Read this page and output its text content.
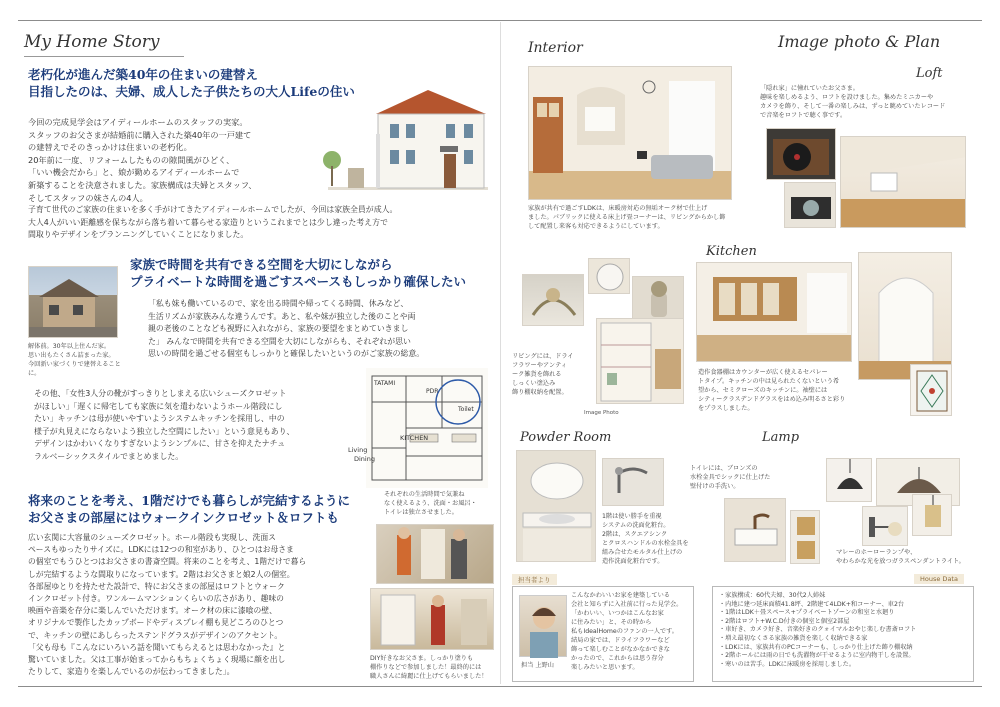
My Home Story
老朽化が進んだ築40年の住まいの建替え
目指したのは、夫婦、成人した子供たちの大人Lifeの住い
今回の完成見学会はアイディールホームのスタッフの実家。
スタッフのお父さまが結婚前に購入された築40年の一戸建て
の建替えでそのきっかけは住まいの老朽化。
20年前に一度、リフォームしたものの隙間風がひどく、
「いい機会だから」と、娘が勤めるアイディールホームで
新築することを決意されました。家族構成は夫婦とスタッフ、
そしてスタッフの妹さんの4人。
子育て世代のご家族の住まいを多く手がけてきたアイディールホームでしたが、今回は家族全員が成人。
大人4人がいい距離感を保ちながら落ち着いて暮らせる家造りというこれまでとは少し違った考え方で
間取りやデザインをプランニングしていくことになりました。
解体前。30年以上住んだ家。
思い出もたくさん詰まった家。
今回新い家づくりで建替えることに。
家族で時間を共有できる空間を大切にしながら
プライベートな時間を過ごすスペースもしっかり確保したい
「私も妹も働いているので、家を出る時間や帰ってくる時間、休みなど、
生活リズムが家族みんな違うんです。あと、私や妹が独立した後のことや両
親の老後のことなども視野に入れながら、家族の要望をまとめていきまし
た」 みんなで時間を共有できる空間を大切にしながらも、それぞれが思い
思いの時間を過ごせる個室もしっかりと確保したいというのがご家族の総意。
その他、「女性3人分の靴がすっきりとしまえる広いシューズクロゼット
がほしい」「遅くに帰宅しても家族に気を遣わないようホール階段にし
たい」キッチンは母が使いやすいようシステムキッチンを採用し、中の
様子が丸見えにならないよう独立した空間にしたい」という意見もあり、
デザインはかわいくなりすぎないようシンプルに、甘さを抑えたナチュ
ラルベーシックスタイルでまとめました。
TATAMI
PDR
Toilet
KITCHEN
Living
Dining
それぞれの生活時間で気兼ね
なく使えるよう、洗面・お風呂・
トイレは独立させました。
将来のことを考え、1階だけでも暮らしが完結するように
お父さまの部屋にはウォークインクロゼット＆ロフトも
広い玄関に大容量のシューズクロゼット。ホール階段も実現し、洗面ス
ペースもゆったりサイズに。LDKには12つの和室があり、ひとつはお母さま
の個室でもうひとつはお父さまの書斎空間。将来のことを考え、1階だけで暮ら
しが完結するような間取りになっています。2階はお父さまと娘2人の個室。
各部屋ゆとりを持たせた設計で、特にお父さまの部屋はロフトとウォーク
インクロゼット付き。ワンルームマンションくらいの広さがあり、趣味の
映画や音楽を存分に楽しんでいただけます。オーク材の床に漆喰の壁、
オリジナルで製作したカップボードやディスプレイ棚も見どころのひとつ
で、キッチンの壁にあしらったステンドグラスがデザインのアクセント。
「父も母も『こんなにいろいろ話を聞いてもらえるとは思わなかった』と
驚いていました。父は工事が始まってからもちょくちょく現場に顔を出し
たりして、家造りを楽しんでいるのが伝わってきました」。
DIY好きなお父さま。しっかり塗りも
棚作りなどで参加しました！最終的には
職人さんに綺麗に仕上げてもらいました！
Interior	Image photo & Plan
家族が共有で過ごすLDKは、床暖房対応の無垢オーク材で仕上げ
ました。パブリックに使える床上げ畳コーナーは、リビングからかし飾
して配置し来客も対応できるようにしています。
Loft
「隠れ家」に憧れていたお父さま。
趣味を楽しめるよう、ロフトを設けました。集めたミニカーや
カメラを飾り、そして一番の楽しみは、ずっと眺めていたレコード
で音楽をロフトで聴く事です。
リビングには、ドライ
フラワーやアンティ
ーク雑貨を飾れる
しっくい塗込み
飾り棚収納を配置。
Image Photo
Kitchen
造作食器棚はカウンターが広く使えるセパレー
トタイプ。キッチンの中は見られたくないという希
望から、セミクローズのキッチンに。袖壁には
シティークラスデンドグラスをはめ込み明るさと彩り
をプラスしました。
Powder Room
1階は使い勝手を重視
システムの洗面化粧台。
2階は、スクエアシンク
とクロスハンドルの水栓金具を
組み合せたモルタル仕上げの
造作洗面化粧台です。
Lamp
トイレには、ブロンズの
水栓金具でシックに仕上げた
壁付けの手洗い。
マレーのホーローランプや、
やわらかな光を放つガラスペンダントライト。
担当者より
担当 上野山
こんなかわいいお家を建築している
会社と知らずに入社前に行った見学会。
「かわいい、いつかはこんなお家
に住みたい」と、その時から
私もIdealHomeのファンの一人です。
結局の家では、ドライフラワーなど
飾って楽しむことがなかなかできな
かったので、これからは思う存分
楽しみたいと思います。
House Data
・家族構成：60代夫婦、30代2人姉妹
・内地に建つ延床面積41.8坪、2階建て4LDK+和コーナー、車2台
・1階はLDK＋畳スペース+プライベートゾーンの和室と水廻り
・2階はロフト+W.C.D付きの個室と個室2部屋
・車好き、カメラ好き、音楽好きのクォイマルおやじ楽しむ書斎ロフト
・増え最初なくさる家族の雑貨を楽しく収納できる家
・LDKには、家族共有のPCコーナーも、しっかり仕上げた飾り棚収納
・2階ホールには雨の日でも洗濯物が干せるように室内物干しを設置。
・寒いのは苦手。LDKに床暖房を採用しました。
